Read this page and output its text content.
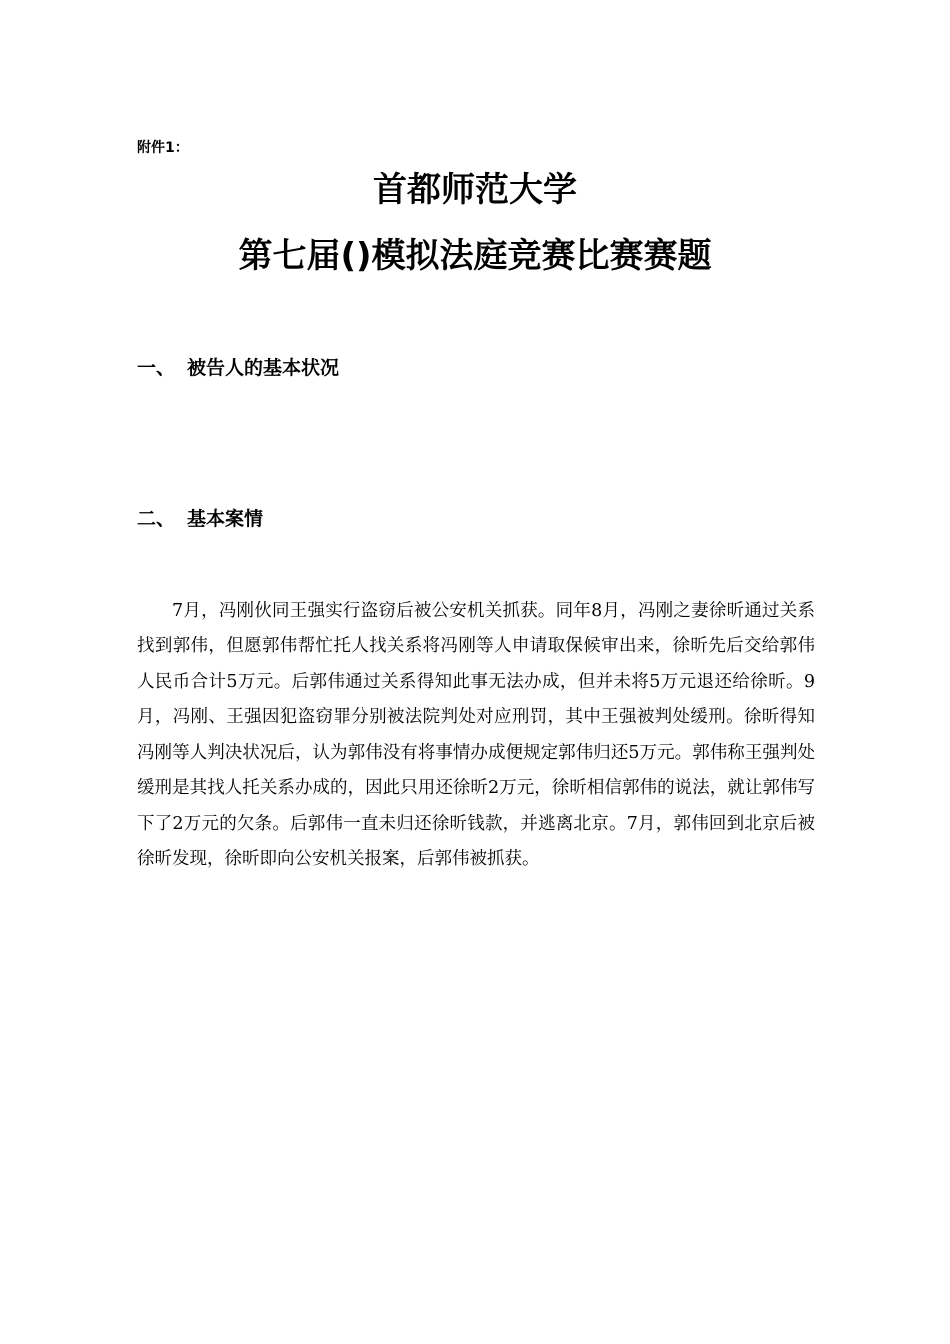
附件1：
首都师范大学
第七届()模拟法庭竞赛比赛赛题
一、 被告人的基本状况
二、 基本案情

7月，冯刚伙同王强实行盗窃后被公安机关抓获。同年8月，冯刚之妻徐昕通过关系找到郭伟，但愿郭伟帮忙托人找关系将冯刚等人申请取保候审出来，徐昕先后交给郭伟人民币合计5万元。后郭伟通过关系得知此事无法办成，但并未将5万元退还给徐昕。9月，冯刚、王强因犯盗窃罪分别被法院判处对应刑罚，其中王强被判处缓刑。徐昕得知冯刚等人判决状况后，认为郭伟没有将事情办成便规定郭伟归还5万元。郭伟称王强判处缓刑是其找人托关系办成的，因此只用还徐昕2万元，徐昕相信郭伟的说法，就让郭伟写下了2万元的欠条。后郭伟一直未归还徐昕钱款，并逃离北京。7月，郭伟回到北京后被徐昕发现，徐昕即向公安机关报案，后郭伟被抓获。
